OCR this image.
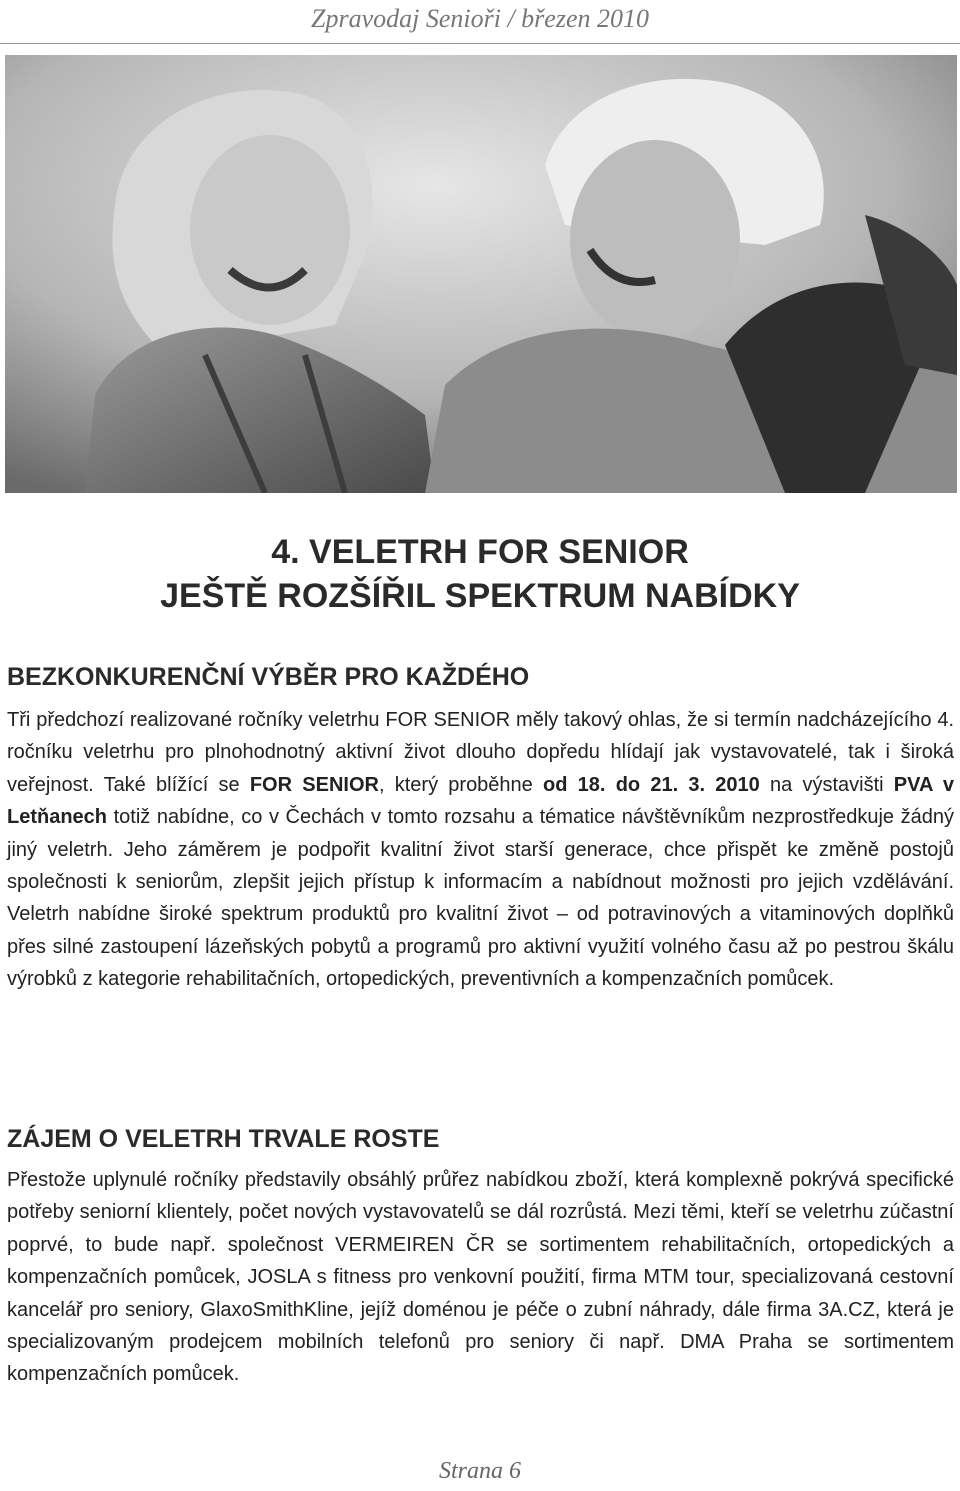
Zpravodaj Senioři / březen 2010
4. VELETRH FOR SENIOR
JEŠTĚ ROZŠÍŘIL SPEKTRUM NABÍDKY
BEZKONKURENČNÍ VÝBĚR PRO KAŽDÉHO
Tři předchozí realizované ročníky veletrhu FOR SENIOR měly takový ohlas, že si termín nadcházejícího 4. ročníku veletrhu pro plnohodnotný aktivní život dlouho dopředu hlídají jak vystavovatelé, tak i široká veřejnost. Také blížící se FOR SENIOR, který proběhne od 18. do 21. 3. 2010 na výstavišti PVA v Letňanech totiž nabídne, co v Čechách v tomto rozsahu a tématice návštěvníkům nezprostředkuje žádný jiný veletrh. Jeho záměrem je podpořit kvalitní život starší generace, chce přispět ke změně postojů společnosti k seniorům, zlepšit jejich přístup k informacím a nabídnout možnosti pro jejich vzdělávání. Veletrh nabídne široké spektrum produktů pro kvalitní život – od potravinových a vitaminových doplňků přes silné zastoupení lázeňských pobytů a programů pro aktivní využití volného času až po pestrou škálu výrobků z kategorie rehabilitačních, ortopedických, preventivních a kompenzačních pomůcek.
ZÁJEM O VELETRH TRVALE ROSTE
Přestože uplynulé ročníky představily obsáhlý průřez nabídkou zboží, která komplexně pokrývá specifické potřeby seniorní klientely, počet nových vystavovatelů se dál rozrůstá. Mezi těmi, kteří se veletrhu zúčastní poprvé, to bude např. společnost VERMEIREN ČR se sortimentem rehabilitačních, ortopedických a kompenzačních pomůcek, JOSLA s fitness pro venkovní použití, firma MTM tour, specializovaná cestovní kancelář pro seniory, GlaxoSmithKline, jejíž doménou je péče o zubní náhrady, dále firma 3A.CZ, která je specializovaným prodejcem mobilních telefonů pro seniory či např. DMA Praha se sortimentem kompenzačních pomůcek.
Strana 6
